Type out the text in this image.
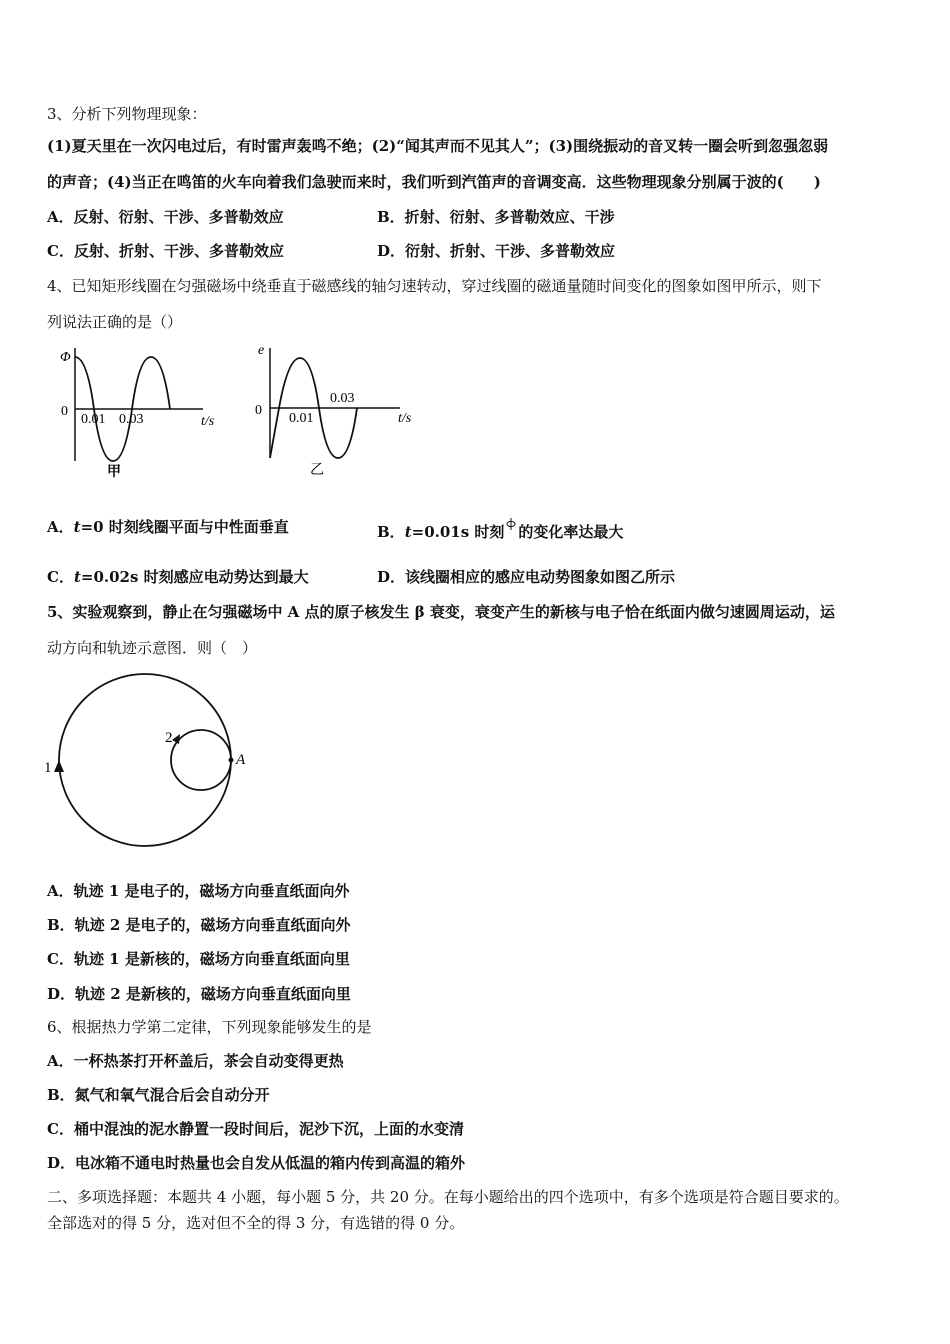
3、分析下列物理现象：
(1)夏天里在一次闪电过后，有时雷声轰鸣不绝；(2)“闻其声而不见其人”；(3)围绕振动的音叉转一圈会听到忽强忽弱
的声音；(4)当正在鸣笛的火车向着我们急驶而来时，我们听到汽笛声的音调变高．这些物理现象分别属于波的(　　)
A．反射、衍射、干涉、多普勒效应	B．折射、衍射、多普勒效应、干涉
C．反射、折射、干涉、多普勒效应	D．衍射、折射、干涉、多普勒效应
4、已知矩形线圈在匀强磁场中绕垂直于磁感线的轴匀速转动，穿过线圈的磁通量随时间变化的图象如图甲所示，则下
列说法正确的是（）
Φ
0
0.01 0.03	t/s
甲
e
0
0.01
0.03
t/s
乙
A．t=0 时刻线圈平面与中性面垂直	B．t=0.01s 时刻 的变化率达最大
C．t=0.02s 时刻感应电动势达到最大	D．该线圈相应的感应电动势图象如图乙所示
5、实验观察到，静止在匀强磁场中 A 点的原子核发生 β 衰变，衰变产生的新核与电子恰在纸面内做匀速圆周运动，运
动方向和轨迹示意图．则（　）
1
2
A
A．轨迹 1 是电子的，磁场方向垂直纸面向外
B．轨迹 2 是电子的，磁场方向垂直纸面向外
C．轨迹 1 是新核的，磁场方向垂直纸面向里
D．轨迹 2 是新核的，磁场方向垂直纸面向里
6、根据热力学第二定律，下列现象能够发生的是
A．一杯热茶打开杯盖后，茶会自动变得更热
B．氮气和氧气混合后会自动分开
C．桶中混浊的泥水静置一段时间后，泥沙下沉，上面的水变清
D．电冰箱不通电时热量也会自发从低温的箱内传到高温的箱外
二、多项选择题：本题共 4 小题，每小题 5 分，共 20 分。在每小题给出的四个选项中，有多个选项是符合题目要求的。
全部选对的得 5 分，选对但不全的得 3 分，有选错的得 0 分。
